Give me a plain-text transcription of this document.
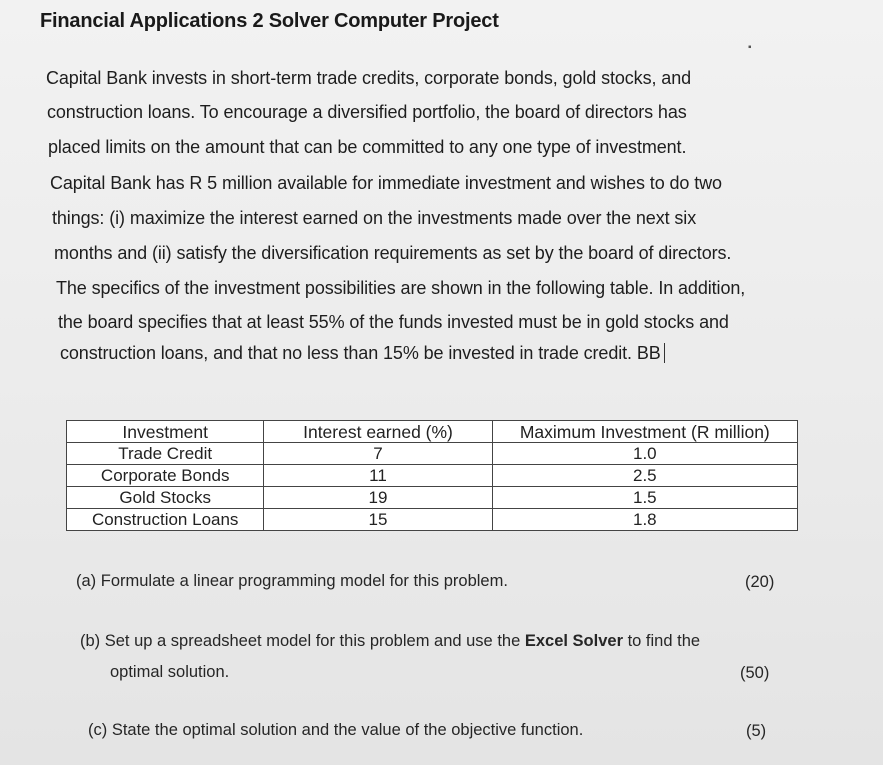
Financial Applications 2 Solver Computer Project
▪
Capital Bank invests in short-term trade credits, corporate bonds, gold stocks, and
construction loans. To encourage a diversified portfolio, the board of directors has
placed limits on the amount that can be committed to any one type of investment.
Capital Bank has R 5 million available for immediate investment and wishes to do two
things: (i) maximize the interest earned on the investments made over the next six
months and (ii) satisfy the diversification requirements as set by the board of directors.
The specifics of the investment possibilities are shown in the following table. In addition,
the board specifies that at least 55% of the funds invested must be in gold stocks and
construction loans, and that no less than 15% be invested in trade credit. BB
Investment	Interest earned (%)	Maximum Investment (R million)
Trade Credit	7	1.0
Corporate Bonds	11	2.5
Gold Stocks	19	1.5
Construction Loans	15	1.8
(a) Formulate a linear programming model for this problem.	(20)
(b) Set up a spreadsheet model for this problem and use the Excel Solver to find the
optimal solution.	(50)
(c) State the optimal solution and the value of the objective function.	(5)
